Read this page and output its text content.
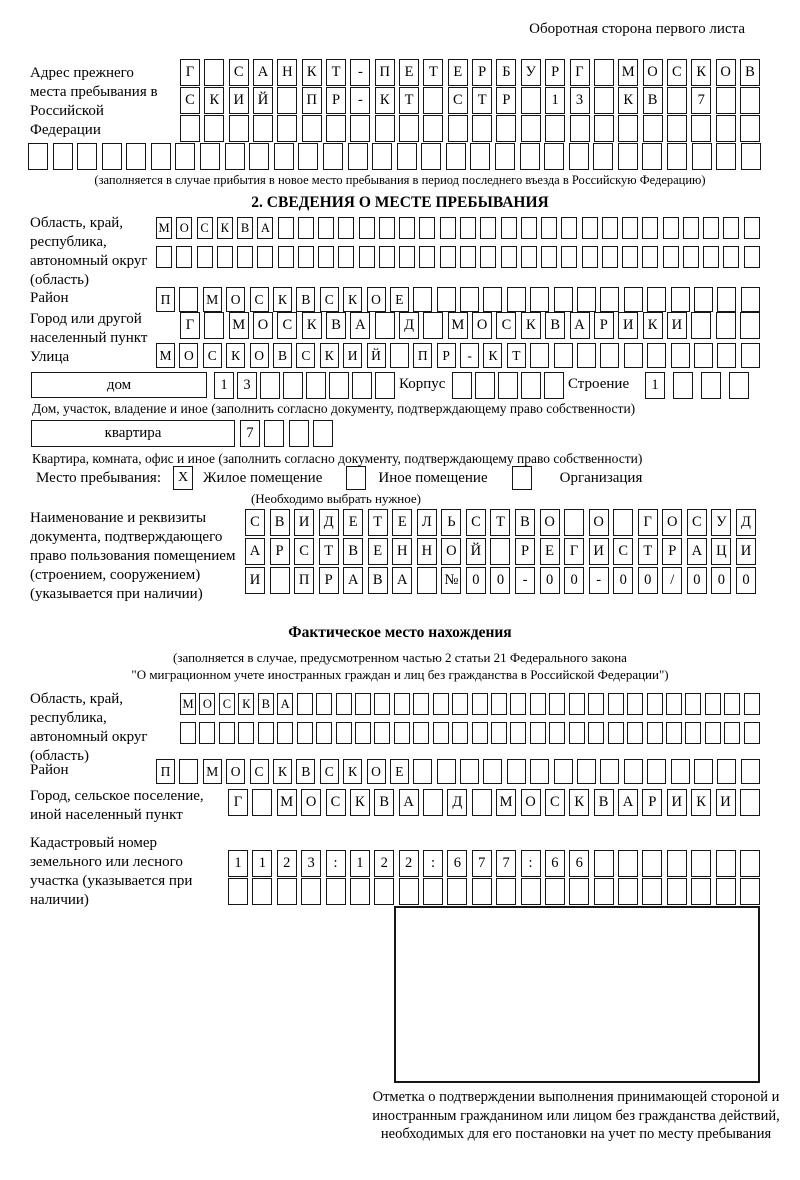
Оборотная сторона первого листа
Адрес прежнего места пребывания в Российской Федерации
Г	С А Н К	Т	-	П	Е	Т	Е	Р	Б	У	Р	Г	М О С	К О В
С	К И Й	П	Р	-	К	Т	С	Т	Р	1	3	К	В	7
(заполняется в случае прибытия в новое место пребывания в период последнего въезда в Российскую Федерацию)
2. СВЕДЕНИЯ О МЕСТЕ ПРЕБЫВАНИЯ
Область, край, республика, автономный округ (область)
М О С К В А
Район	П	М О	С	К	В	С	К	О	Е
Город или другой населенный пункт
Г	М О С	К	В А	Д	М О С	К	В А	Р	И К И
Улица	М О	С	К	О	В	С	К	И	Й	П	Р	-	К	Т
дом	1	3	Корпус	Строение	1
Дом, участок, владение и иное (заполнить согласно документу, подтверждающему право собственности)
квартира	7
Квартира, комната, офис и иное (заполнить согласно документу, подтверждающему право собственности)
Место пребывания:	X Жилое помещение	Иное помещение	Организация
(Необходимо выбрать нужное)
Наименование и реквизиты документа, подтверждающего право пользования помещением (строением, сооружением) (указывается при наличии)
С	В И Д	Е	Т	Е	Л	Ь	С	Т	В О	О	Г	О С	У Д
А	Р	С	Т	В	Е	Н Н О Й	Р	Е	Г	И С	Т	Р	А Ц И
И	П	Р	А В А	№ 0	0	-	0	0	-	0	0	/	0	0	0
Фактическое место нахождения
(заполняется в случае, предусмотренном частью 2 статьи 21 Федерального закона
"О миграционном учете иностранных граждан и лиц без гражданства в Российской Федерации")
Область, край, республика, автономный округ (область)
М О С К В А
Район	П	М О	С	К	В	С	К	О	Е
Город, сельское поселение, иной населенный пункт
Г	М О С	К	В А	Д	М О С	К	В А	Р	И К И
Кадастровый номер земельного или лесного участка (указывается при наличии)
1	1	2	3	:	1	2	2	:	6	7	7	:	6	6
Отметка о подтверждении выполнения принимающей стороной и иностранным гражданином или лицом без гражданства действий, необходимых для его постановки на учет по месту пребывания
